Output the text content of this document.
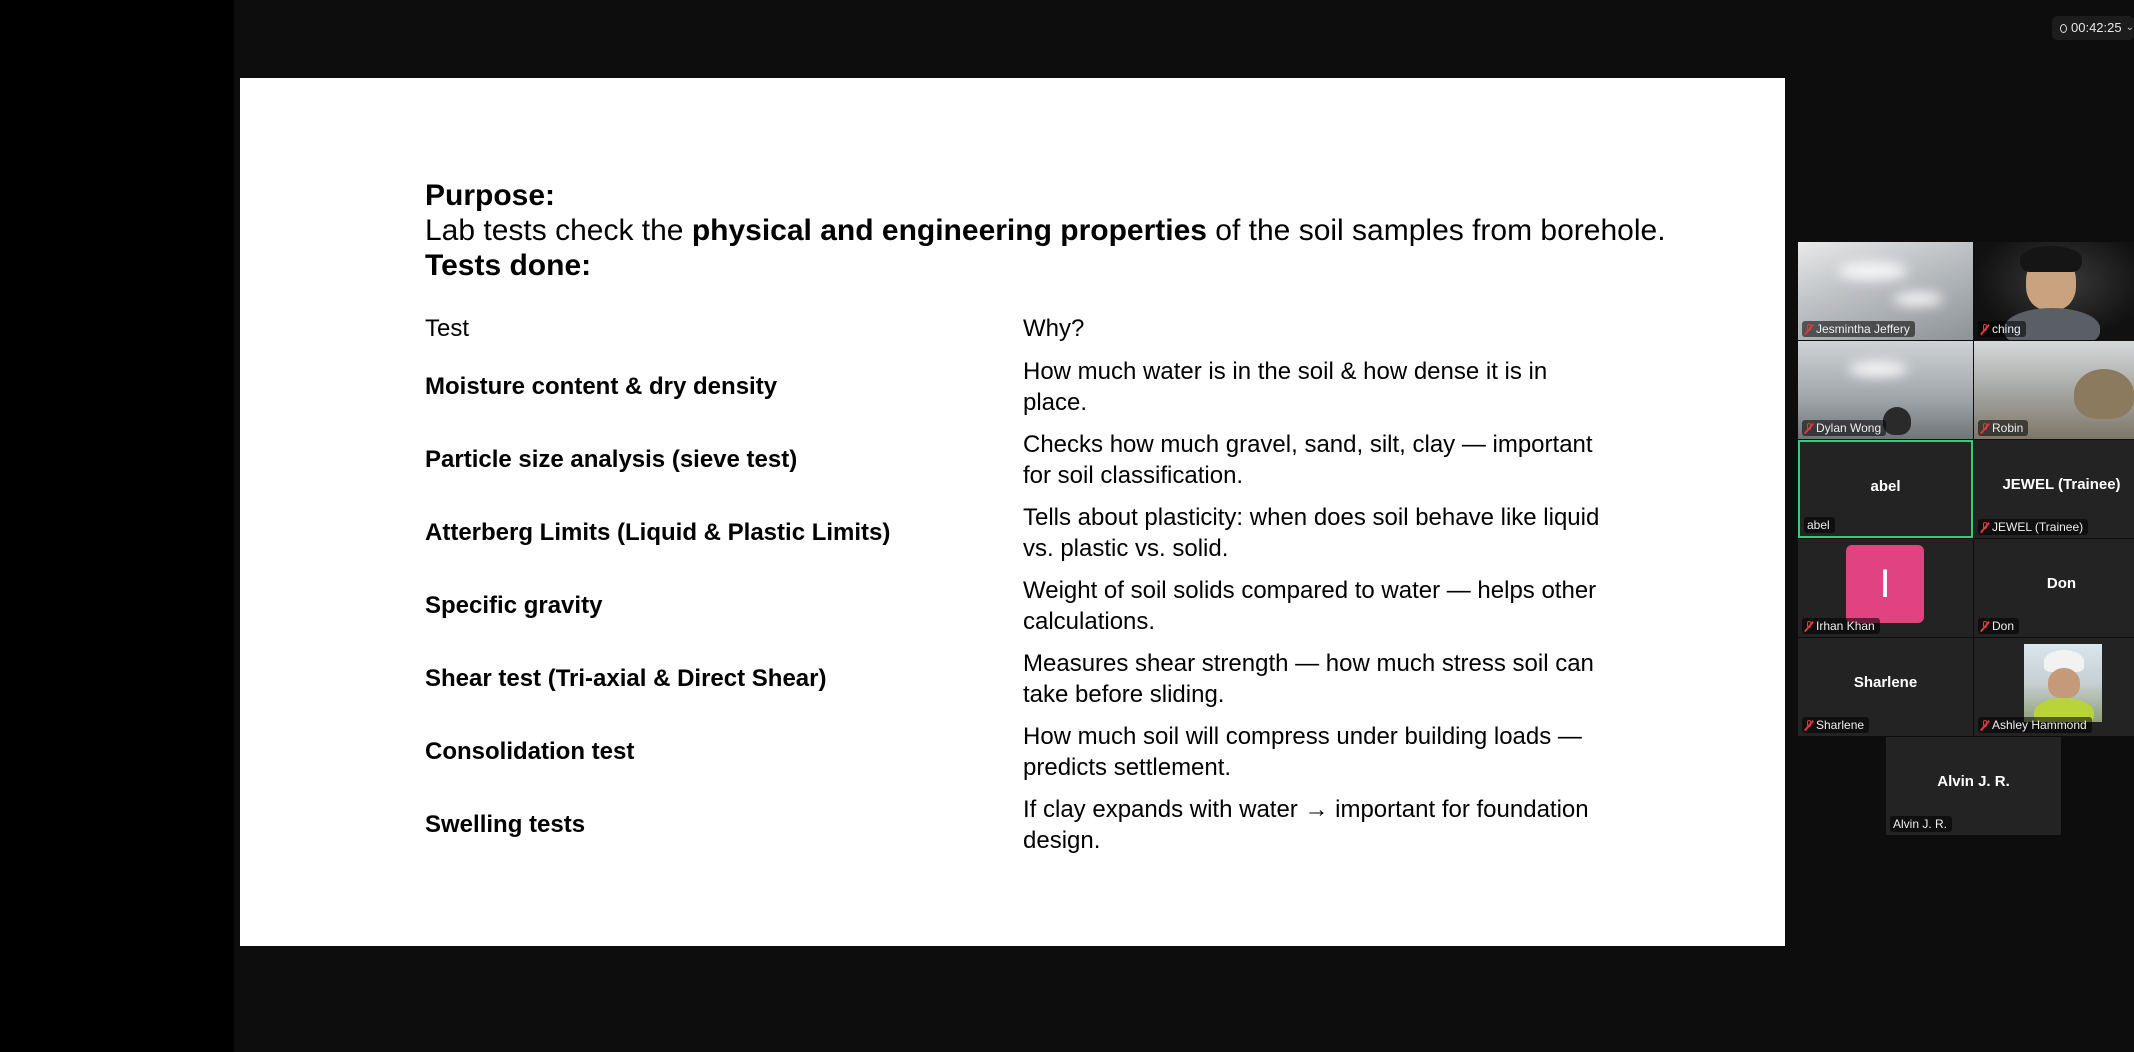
00:42:25 ⌄
Purpose:
Lab tests check the physical and engineering properties of the soil samples from borehole.
Tests done:
Test	Why?
Moisture content & dry density
How much water is in the soil & how dense it is in place.
Particle size analysis (sieve test)
Checks how much gravel, sand, silt, clay — important for soil classification.
Atterberg Limits (Liquid & Plastic Limits)
Tells about plasticity: when does soil behave like liquid vs. plastic vs. solid.
Specific gravity
Weight of soil solids compared to water — helps other calculations.
Shear test (Tri-axial & Direct Shear)
Measures shear strength — how much stress soil can take before sliding.
Consolidation test
How much soil will compress under building loads — predicts settlement.
Swelling tests
If clay expands with water → important for foundation design.
Jesmintha Jeffery	ching
Dylan Wong	Robin
abel
abel
JEWEL (Trainee)
JEWEL (Trainee)
I
Irhan Khan
Don
Don
Sharlene
Sharlene	Ashley Hammond
Alvin J. R.
Alvin J. R.
